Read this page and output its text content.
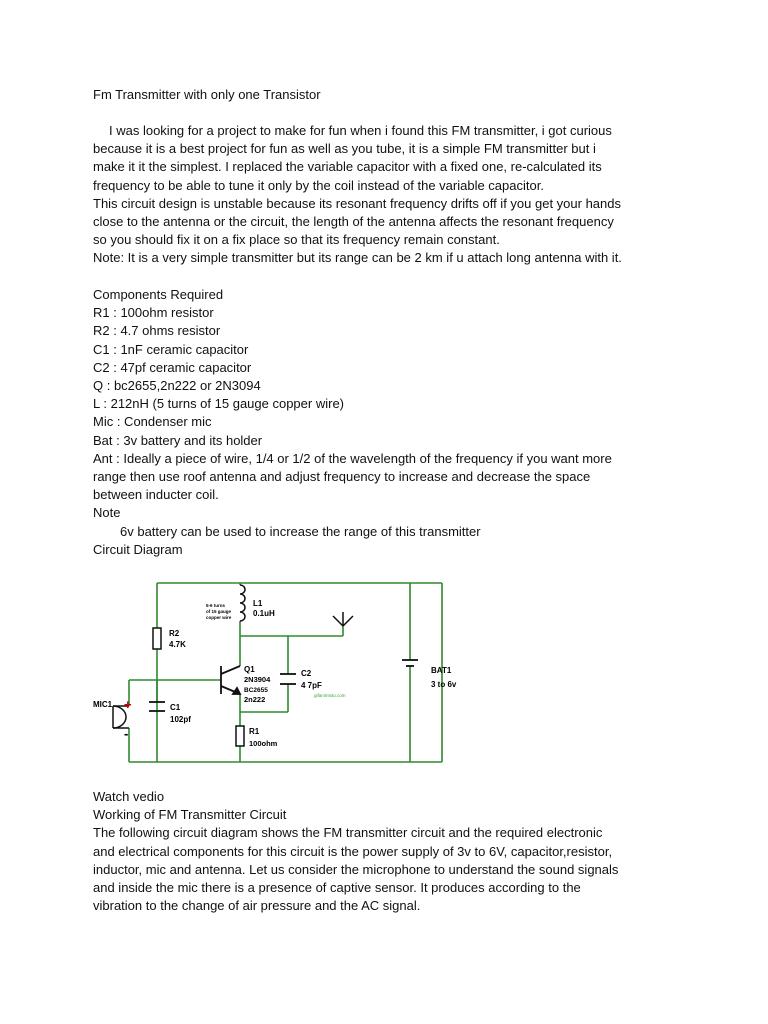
Fm Transmitter with only one Transistor
I was looking for a project to make for fun when i found this FM transmitter, i got curious
because it is a best project for fun as well as you tube, it is a simple FM transmitter but i
make it it the simplest. I replaced the variable capacitor with a fixed one, re-calculated its
frequency to be able to tune it only by the coil instead of the variable capacitor.
This circuit design is unstable because its resonant frequency drifts off if you get your hands
close to the antenna or the circuit, the length of the antenna affects the resonant frequency
so you should fix it on a fix place so that its frequency remain constant.
Note: It is a very simple transmitter but its range can be 2 km if u attach long antenna with it.
Components Required
R1 : 100ohm resistor
R2 : 4.7 ohms resistor
C1 : 1nF ceramic capacitor
C2 : 47pf ceramic capacitor
Q : bc2655,2n222 or 2N3094
L : 212nH (5 turns of 15 gauge copper wire)
Mic : Condenser mic
Bat : 3v battery and its holder
Ant : Ideally a piece of wire, 1/4 or 1/2 of the wavelength of the frequency if you want more
range then use roof antenna and adjust frequency to increase and decrease the space
between inducter coil.
Note
6v battery can be used to increase the range of this transmitter
Circuit Diagram
L1
0.1uH
5-6 turns
of 15 gauge
copper wire
R2
4.7K
Q1
2N3904
BC2655
2n222
C2
4 7pF
gifanimtsto.com
BAT1
3 to 6v
MIC1 +
-
C1
102pf
R1
100ohm
Watch vedio
Working of FM Transmitter Circuit
The following circuit diagram shows the FM transmitter circuit and the required electronic
and electrical components for this circuit is the power supply of 3v to 6V, capacitor,resistor,
inductor, mic and antenna. Let us consider the microphone to understand the sound signals
and inside the mic there is a presence of captive sensor. It produces according to the
vibration to the change of air pressure and the AC signal.
